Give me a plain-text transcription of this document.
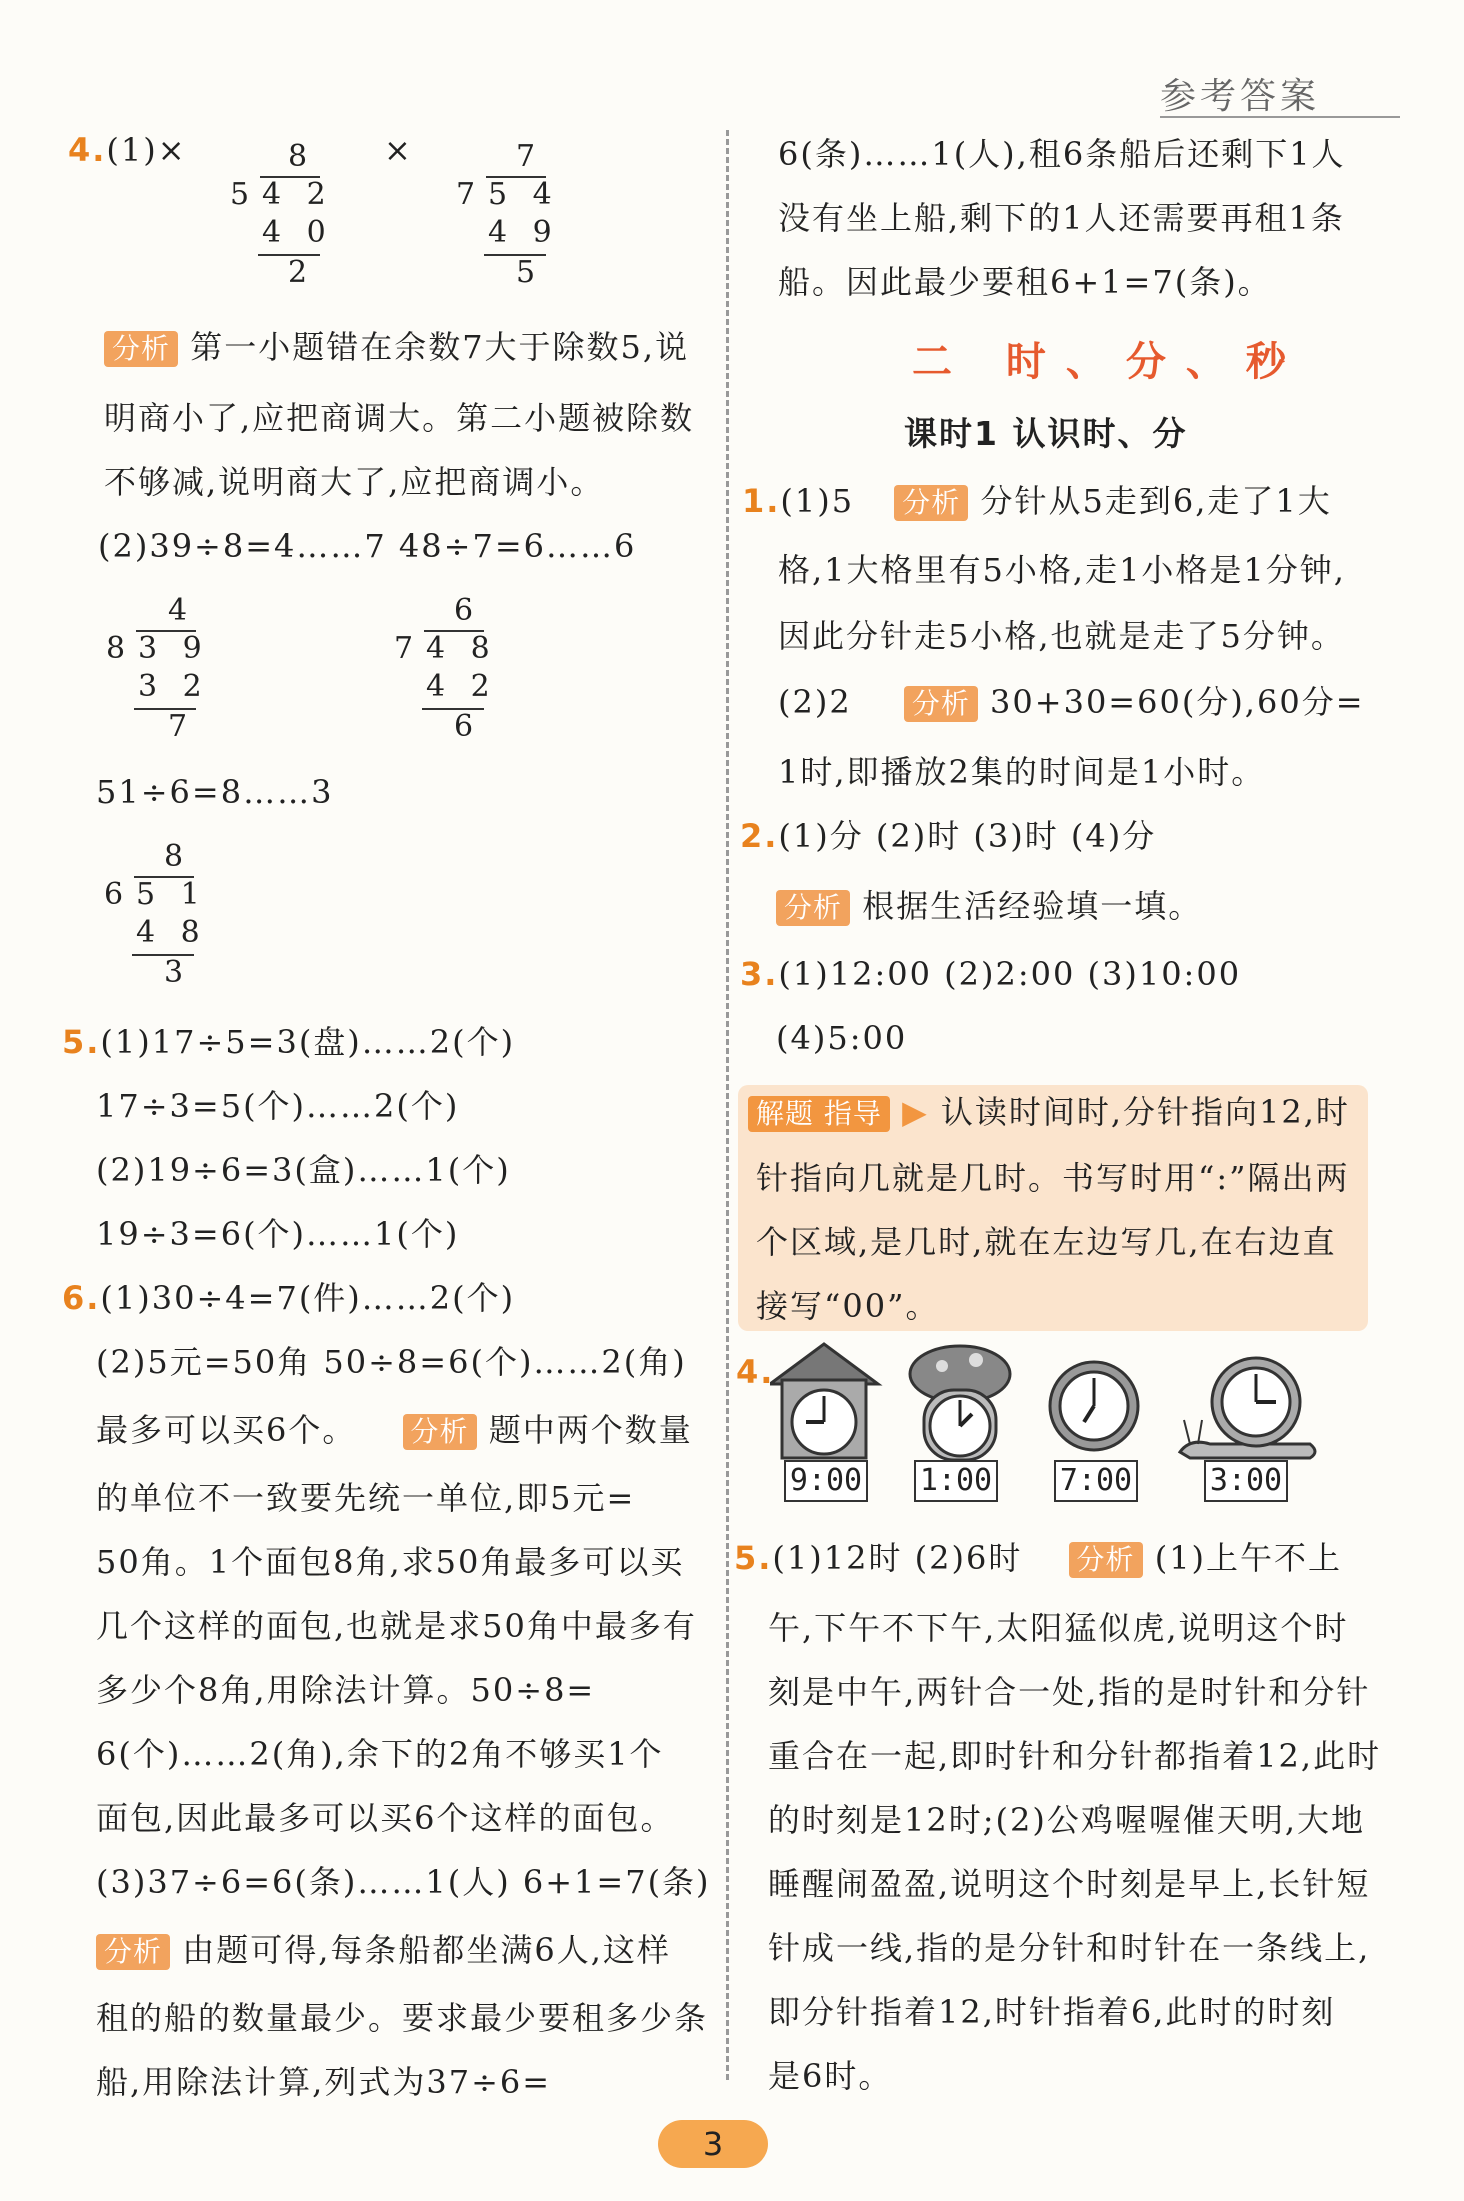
参考答案
4.(1)×	×
8
5 4 2
4 0
2
7
7 5 4
4 9
5
分析 第一小题错在余数7大于除数5,说
明商小了,应把商调大。第二小题被除数
不够减,说明商大了,应把商调小。
(2)39÷8=4……7 48÷7=6……6
4
8 3 9
3 2
7
6
7 4 8
4 2
6
51÷6=8……3
8
6 5 1
4 8
3
5.(1)17÷5=3(盘)……2(个)
17÷3=5(个)……2(个)
(2)19÷6=3(盒)……1(个)
19÷3=6(个)……1(个)
6.(1)30÷4=7(件)……2(个)
(2)5元=50角 50÷8=6(个)……2(角)
最多可以买6个。 分析 题中两个数量
的单位不一致要先统一单位,即5元=
50角。1个面包8角,求50角最多可以买
几个这样的面包,也就是求50角中最多有
多少个8角,用除法计算。50÷8=
6(个)……2(角),余下的2角不够买1个
面包,因此最多可以买6个这样的面包。
(3)37÷6=6(条)……1(人) 6+1=7(条)
分析 由题可得,每条船都坐满6人,这样
租的船的数量最少。要求最少要租多少条
船,用除法计算,列式为37÷6=
6(条)……1(人),租6条船后还剩下1人
没有坐上船,剩下的1人还需要再租1条
船。因此最少要租6+1=7(条)。
二 时、分、秒
课时1 认识时、分
1.(1)5 分析 分针从5走到6,走了1大
格,1大格里有5小格,走1小格是1分钟,
因此分针走5小格,也就是走了5分钟。
(2)2 分析 30+30=60(分),60分=
1时,即播放2集的时间是1小时。
2.(1)分 (2)时 (3)时 (4)分
分析 根据生活经验填一填。
3.(1)12:00 (2)2:00 (3)10:00
(4)5:00
解题 指导 ▶ 认读时间时,分针指向12,时
针指向几就是几时。书写时用“:”隔出两
个区域,是几时,就在左边写几,在右边直
接写“00”。
4.
9:00 1:00 7:00	3:00
5.(1)12时 (2)6时 分析 (1)上午不上
午,下午不下午,太阳猛似虎,说明这个时
刻是中午,两针合一处,指的是时针和分针
重合在一起,即时针和分针都指着12,此时
的时刻是12时;(2)公鸡喔喔催天明,大地
睡醒闹盈盈,说明这个时刻是早上,长针短
针成一线,指的是分针和时针在一条线上,
即分针指着12,时针指着6,此时的时刻
是6时。
3
